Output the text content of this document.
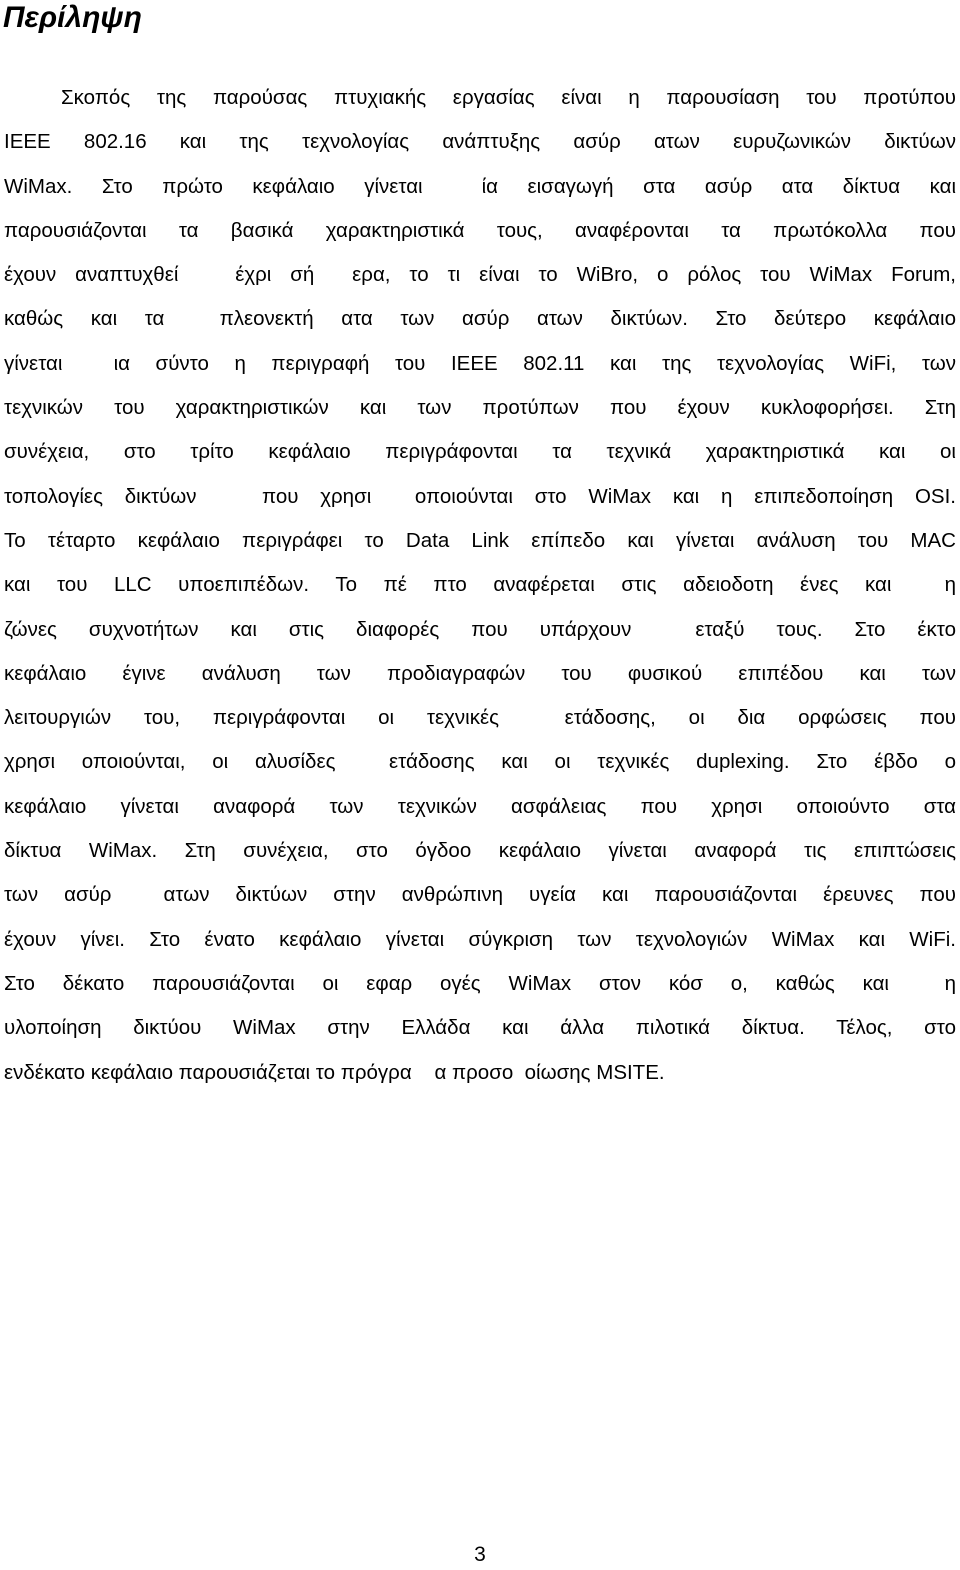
Περίληψη
Σκοπός της παρούσας πτυχιακής εργασίας είναι η παρουσίαση του προτύπου
IEEE  802.16  και  της  τεχνολογίας  ανάπτυξης  ασύρ  ατων  ευρυζωνικών  δικτύων
WiMax.  Στο  πρώτο  κεφάλαιο  γίνεται    ία  εισαγωγή  στα  ασύρ  ατα  δίκτυα  και
παρουσιάζονται τα βασικά χαρακτηριστικά τους, αναφέρονται τα πρωτόκολλα που
έχουν αναπτυχθεί   έχρι σή  ερα, το τι είναι το WiBro, ο ρόλος του WiMax Forum,
καθώς  και  τα    πλεονεκτή  ατα  των  ασύρ  ατων  δικτύων.  Στο  δεύτερο  κεφάλαιο
γίνεται    ια  σύντο  η  περιγραφή  του  IEEE  802.11  και  της  τεχνολογίας  WiFi,  των
τεχνικών  του  χαρακτηριστικών  και  των  προτύπων  που  έχουν  κυκλοφορήσει.  Στη
συνέχεια,  στο  τρίτο  κεφάλαιο  περιγράφονται  τα  τεχνικά  χαρακτηριστικά  και  οι
τοπολογίες δικτύων   που χρησι  οποιούνται στο WiMax και η επιπεδοποίηση OSI.
Το τέταρτο κεφάλαιο περιγράφει το Data Link επίπεδο και γίνεται ανάλυση του MAC
και  του  LLC  υποεπιπέδων.  Το  πέ  πτο  αναφέρεται  στις  αδειοδοτη  ένες  και    η
ζώνες  συχνοτήτων  και  στις  διαφορές  που  υπάρχουν    εταξύ  τους.  Στο  έκτο
κεφάλαιο  έγινε  ανάλυση  των  προδιαγραφών  του  φυσικού  επιπέδου  και  των
λειτουργιών  του,  περιγράφονται  οι  τεχνικές    ετάδοσης,  οι  δια  ορφώσεις  που
χρησι  οποιούνται,  οι  αλυσίδες    ετάδοσης  και  οι  τεχνικές  duplexing.  Στο  έβδο  ο
κεφάλαιο  γίνεται  αναφορά  των  τεχνικών  ασφάλειας  που  χρησι  οποιούντο  στα
δίκτυα WiMax. Στη συνέχεια, στο όγδοο κεφάλαιο γίνεται αναφορά τις επιπτώσεις
των ασύρ  ατων δικτύων στην ανθρώπινη υγεία και παρουσιάζονται έρευνες που
έχουν γίνει. Στο ένατο κεφάλαιο γίνεται σύγκριση των τεχνολογιών WiMax και WiFi.
Στο  δέκατο  παρουσιάζονται  οι  εφαρ  ογές  WiMax  στον  κόσ  ο,  καθώς  και    η
υλοποίηση  δικτύου  WiMax  στην  Ελλάδα  και  άλλα  πιλοτικά  δίκτυα.  Τέλος,  στο
ενδέκατο κεφάλαιο παρουσιάζεται το πρόγρα    α προσο  οίωσης MSITE.
3
